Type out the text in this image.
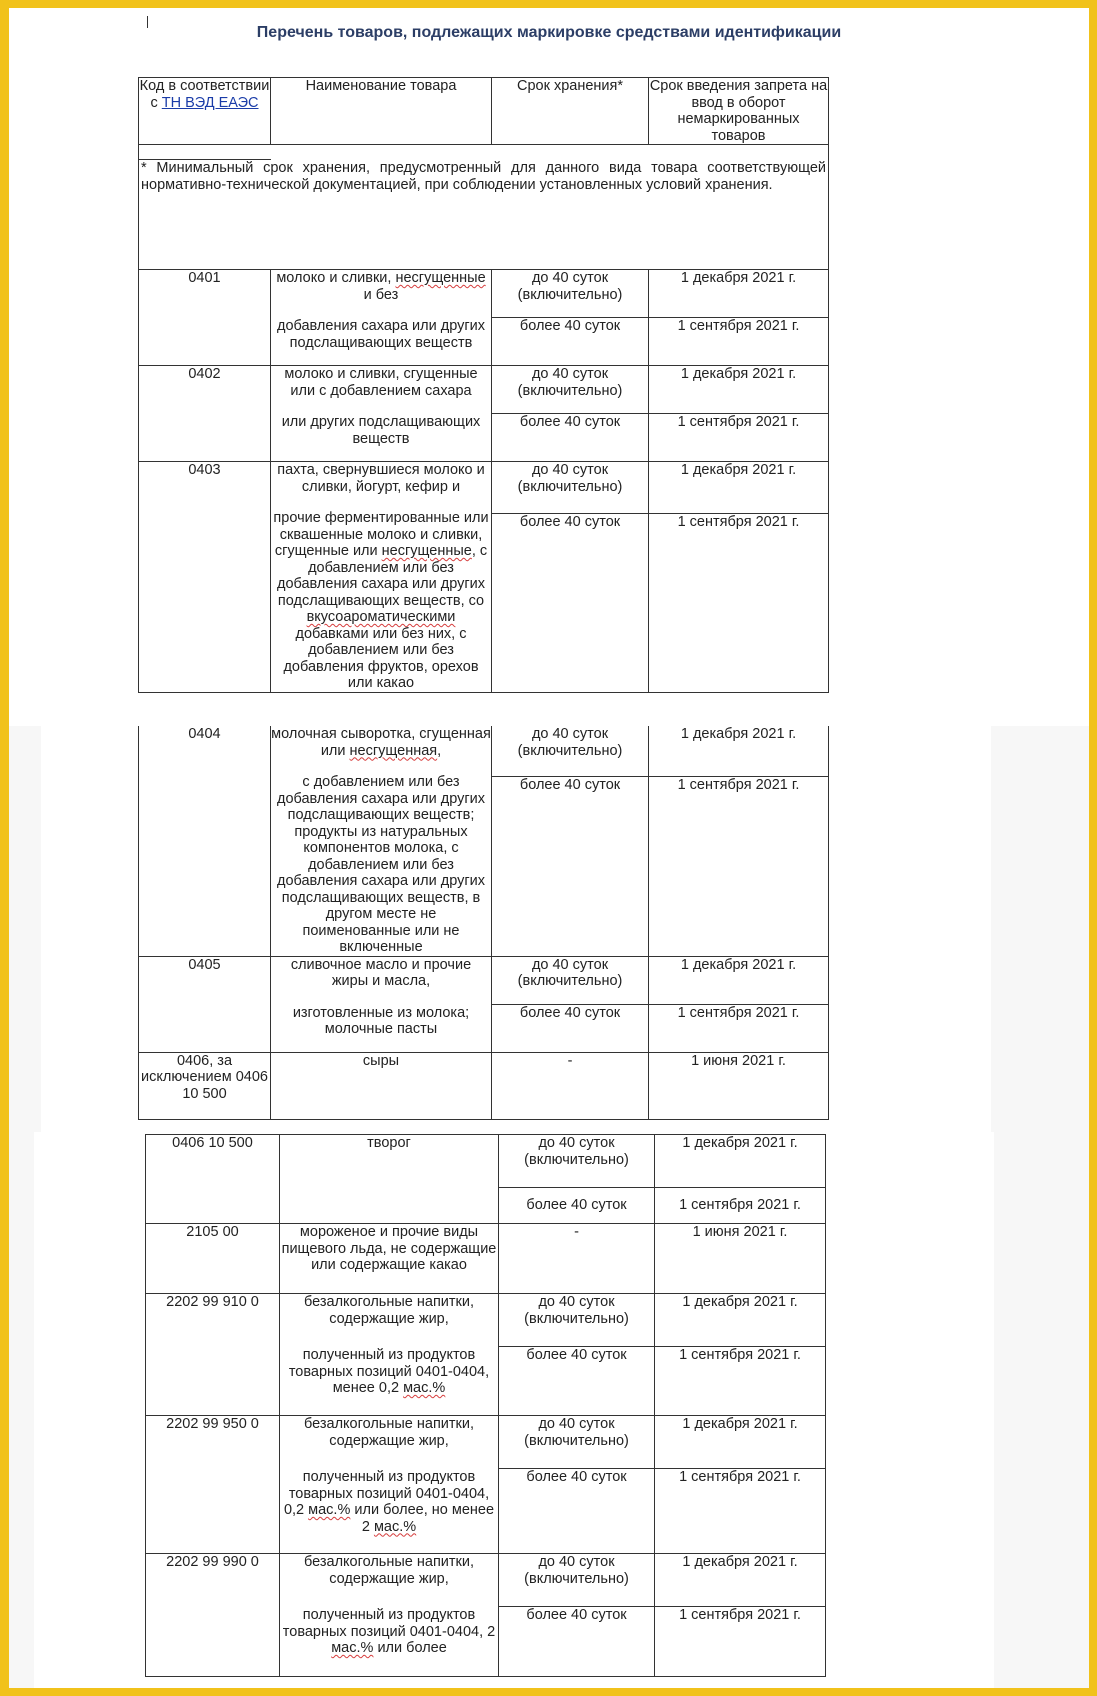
Перечень товаров, подлежащих маркировке средствами идентификации
Код в соответствии с ТН ВЭД ЕАЭС	Наименование товара	Срок хранения*	Срок введения запрета на ввод в оборот немаркированных товаров

* Минимальный срок хранения, предусмотренный для данного вида товара соответствующей нормативно-технической документацией, при соблюдении установленных условий хранения.			

0401	молоко и сливки, несгущенные и без
добавления сахара или других подслащивающих веществ	до 40 суток (включительно)	1 декабря 2021 г.
		более 40 суток	1 сентября 2021 г.
0402	молоко и сливки, сгущенные или с добавлением сахара
или других подслащивающих веществ	до 40 суток (включительно)	1 декабря 2021 г.
		более 40 суток	1 сентября 2021 г.
0403	пахта, свернувшиеся молоко и сливки, йогурт, кефир и
прочие ферментированные или сквашенные молоко и сливки, сгущенные или несгущенные, с добавлением или без добавления сахара или других подслащивающих веществ, со вкусоароматическими добавками или без них, с добавлением или без добавления фруктов, орехов или какао	до 40 суток (включительно)	1 декабря 2021 г.
		более 40 суток	1 сентября 2021 г.
0404	молочная сыворотка, сгущенная или несгущенная,
с добавлением или без добавления сахара или других подслащивающих веществ; продукты из натуральных компонентов молока, с добавлением или без добавления сахара или других подслащивающих веществ, в другом месте не поименованные или не включенные	до 40 суток (включительно)	1 декабря 2021 г.
		более 40 суток	1 сентября 2021 г.
0405	сливочное масло и прочие жиры и масла,
изготовленные из молока; молочные пасты	до 40 суток (включительно)	1 декабря 2021 г.
		более 40 суток	1 сентября 2021 г.
0406, за исключением 0406 10 500	сыры	-	1 июня 2021 г.
0406 10 500	творог	до 40 суток (включительно)	1 декабря 2021 г.
		более 40 суток	1 сентября 2021 г.
2105 00	мороженое и прочие виды пищевого льда, не содержащие или содержащие какао	-	1 июня 2021 г.
2202 99 910 0	безалкогольные напитки, содержащие жир,
полученный из продуктов товарных позиций 0401-0404, менее 0,2 мас.%	до 40 суток (включительно)	1 декабря 2021 г.
		более 40 суток	1 сентября 2021 г.
2202 99 950 0	безалкогольные напитки, содержащие жир,
полученный из продуктов товарных позиций 0401-0404, 0,2 мас.% или более, но менее 2 мас.%	до 40 суток (включительно)	1 декабря 2021 г.
		более 40 суток	1 сентября 2021 г.
2202 99 990 0	безалкогольные напитки, содержащие жир,
полученный из продуктов товарных позиций 0401-0404, 2 мас.% или более	до 40 суток (включительно)	1 декабря 2021 г.
		более 40 суток	1 сентября 2021 г.
